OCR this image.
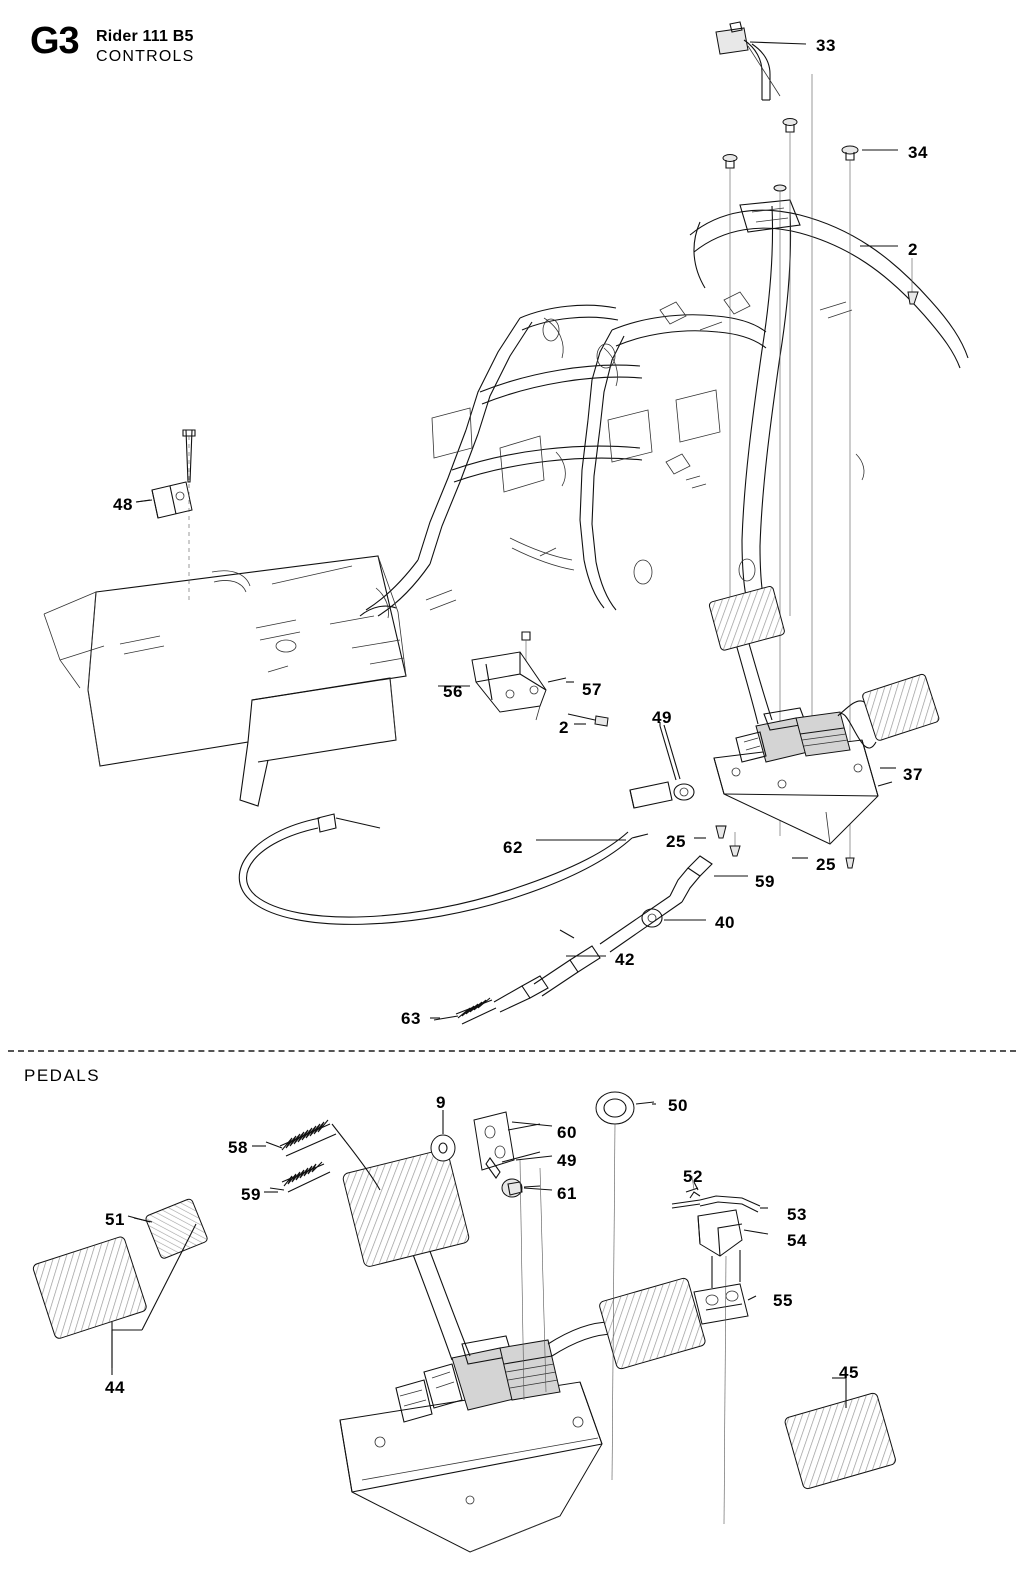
G3 Rider 111 B5
CONTROLS
PEDALS
33
34
2
48
56	57
2
49
37
62	25
25
59
40
42
63
9	50
58
60
49
59	61
51
52
53
54
55
45
44
